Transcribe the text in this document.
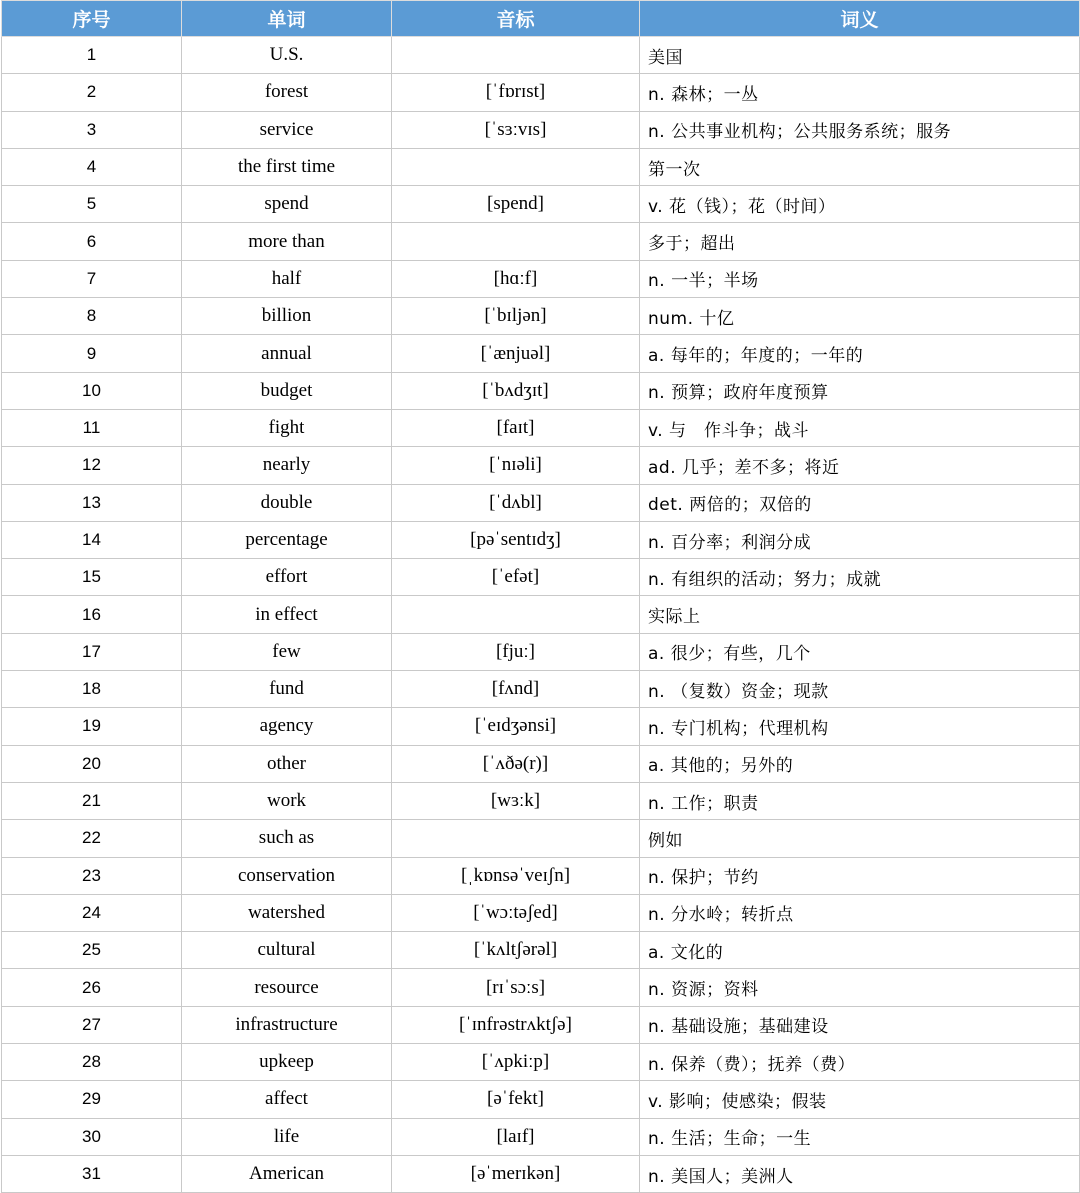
序号	单词	音标	词义
1	U.S.		美国
2	forest	[ˈfɒrɪst]	n. 森林；一丛
3	service	[ˈsɜːvɪs]	n. 公共事业机构；公共服务系统；服务
4	the first time		第一次
5	spend	[spend]	v. 花（钱）；花（时间）
6	more than		多于；超出
7	half	[hɑːf]	n. 一半；半场
8	billion	[ˈbɪljən]	num. 十亿
9	annual	[ˈænjuəl]	a. 每年的；年度的；一年的
10	budget	[ˈbʌdʒɪt]	n. 预算；政府年度预算
11	fight	[faɪt]	v. 与　作斗争；战斗
12	nearly	[ˈnɪəli]	ad. 几乎；差不多；将近
13	double	[ˈdʌbl]	det. 两倍的；双倍的
14	percentage	[pəˈsentɪdʒ]	n. 百分率；利润分成
15	effort	[ˈefət]	n. 有组织的活动；努力；成就
16	in effect		实际上
17	few	[fjuː]	a. 很少；有些，几个
18	fund	[fʌnd]	n. （复数）资金；现款
19	agency	[ˈeɪdʒənsi]	n. 专门机构；代理机构
20	other	[ˈʌðə(r)]	a. 其他的；另外的
21	work	[wɜːk]	n. 工作；职责
22	such as		例如
23	conservation	[ˌkɒnsəˈveɪʃn]	n. 保护；节约
24	watershed	[ˈwɔːtəʃed]	n. 分水岭；转折点
25	cultural	[ˈkʌltʃərəl]	a. 文化的
26	resource	[rɪˈsɔːs]	n. 资源；资料
27	infrastructure	[ˈɪnfrəstrʌktʃə]	n. 基础设施；基础建设
28	upkeep	[ˈʌpkiːp]	n. 保养（费）；抚养（费）
29	affect	[əˈfekt]	v. 影响；使感染；假装
30	life	[laɪf]	n. 生活；生命；一生
31	American	[əˈmerɪkən]	n. 美国人；美洲人
